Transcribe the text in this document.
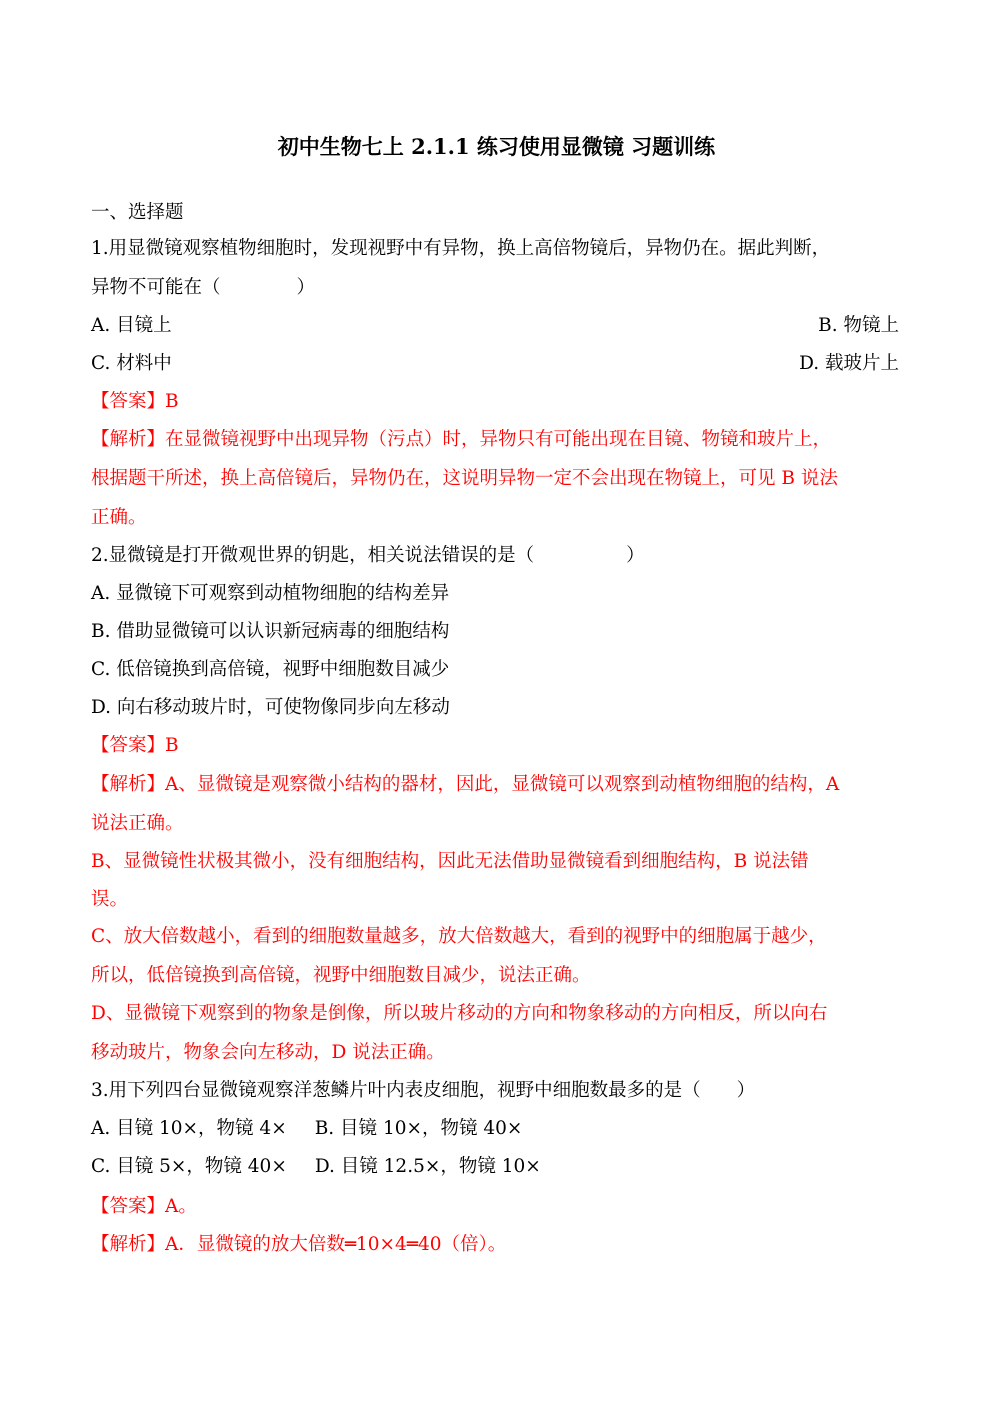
初中生物七上 2.1.1 练习使用显微镜 习题训练
一、选择题
1.用显微镜观察植物细胞时，发现视野中有异物，换上高倍物镜后，异物仍在。据此判断，
异物不可能在（	）
A. 目镜上	B. 物镜上
C. 材料中	D. 载玻片上
【答案】B
【解析】在显微镜视野中出现异物（污点）时，异物只有可能出现在目镜、物镜和玻片上，
根据题干所述，换上高倍镜后，异物仍在，这说明异物一定不会出现在物镜上，可见 B 说法
正确。
2.显微镜是打开微观世界的钥匙，相关说法错误的是（	）
A. 显微镜下可观察到动植物细胞的结构差异
B. 借助显微镜可以认识新冠病毒的细胞结构
C. 低倍镜换到高倍镜，视野中细胞数目减少
D. 向右移动玻片时，可使物像同步向左移动
【答案】B
【解析】A、显微镜是观察微小结构的器材，因此，显微镜可以观察到动植物细胞的结构，A
说法正确。
B、显微镜性状极其微小，没有细胞结构，因此无法借助显微镜看到细胞结构，B 说法错
误。
C、放大倍数越小，看到的细胞数量越多，放大倍数越大，看到的视野中的细胞属于越少，
所以，低倍镜换到高倍镜，视野中细胞数目减少，说法正确。
D、显微镜下观察到的物象是倒像，所以玻片移动的方向和物象移动的方向相反，所以向右
移动玻片，物象会向左移动，D 说法正确。
3.用下列四台显微镜观察洋葱鳞片叶内表皮细胞，视野中细胞数最多的是（ ）
A. 目镜 10×，物镜 4× B. 目镜 10×，物镜 40×
C. 目镜 5×，物镜 40× D. 目镜 12.5×，物镜 10×
【答案】A。
【解析】A．显微镜的放大倍数═10×4═40（倍）。
